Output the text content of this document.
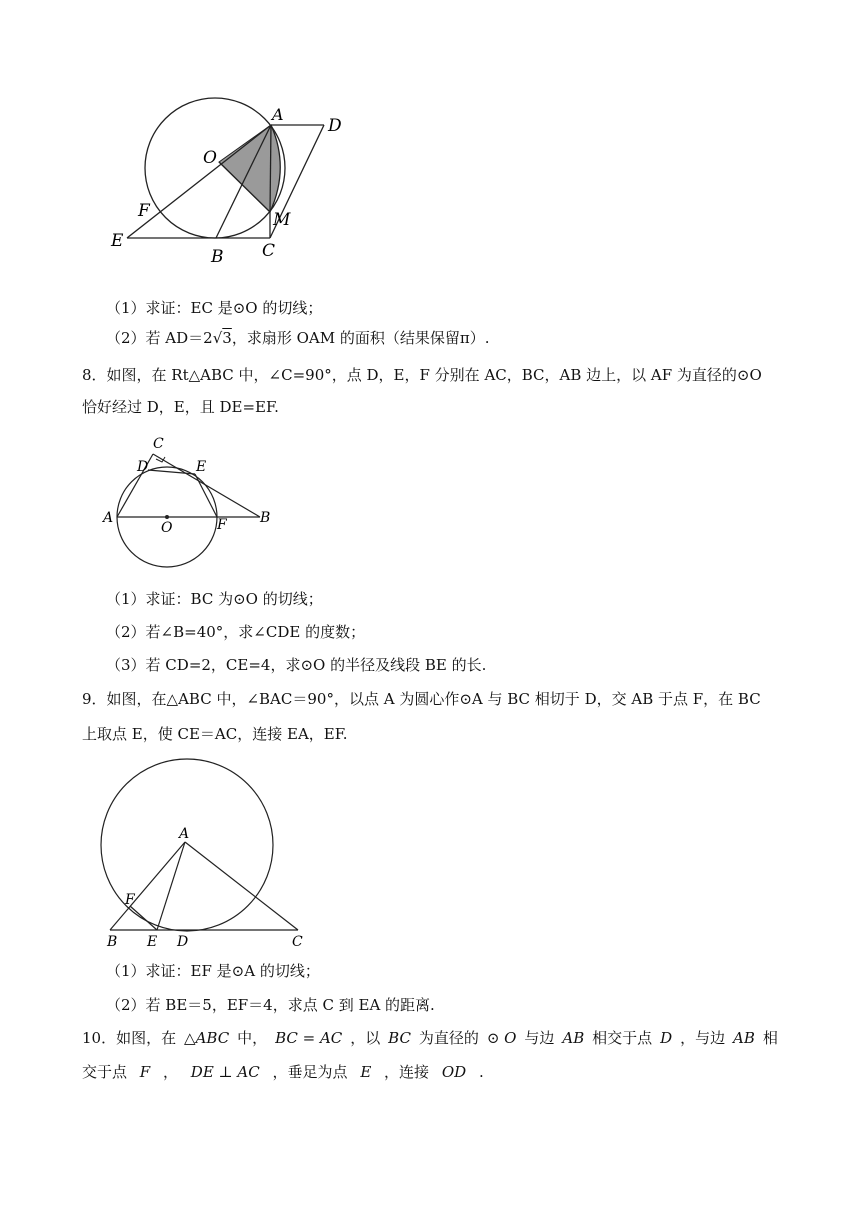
A
D
O
F	M
E
B C
（1）求证：EC 是⊙O 的切线；
（2）若 AD＝2√3，求扇形 OAM 的面积（结果保留π）.
8．如图，在 Rt△ABC 中，∠C=90°，点 D，E，F 分别在 AC，BC，AB 边上，以 AF 为直径的⊙O
恰好经过 D，E，且 DE=EF.
C
D	E
A
O	F B
（1）求证：BC 为⊙O 的切线；
（2）若∠B=40°，求∠CDE 的度数；
（3）若 CD=2，CE=4，求⊙O 的半径及线段 BE 的长.
9．如图，在△ABC 中，∠BAC＝90°，以点 A 为圆心作⊙A 与 BC 相切于 D，交 AB 于点 F，在 BC
上取点 E，使 CE＝AC，连接 EA，EF.
A
F
B E D	C
（1）求证：EF 是⊙A 的切线；
（2）若 BE＝5，EF＝4，求点 C 到 EA 的距离.
10．如图，在 △ABC 中， BC = AC ，以 BC 为直径的 ⊙ O 与边 AB 相交于点 D ，与边 AB 相
交于点 F ， DE ⊥ AC ，垂足为点 E ，连接 OD .
